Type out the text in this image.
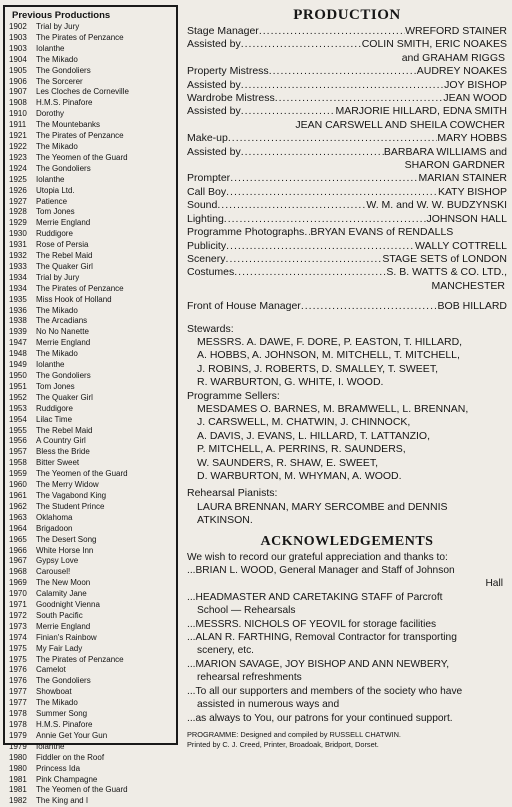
Previous Productions
1902 Trial by Jury
1903 The Pirates of Penzance
1903 Iolanthe
1904 The Mikado
1905 The Gondoliers
1906 The Sorcerer
1907 Les Cloches de Corneville
1908 H.M.S. Pinafore
1910 Dorothy
1911 The Mountebanks
1921 The Pirates of Penzance
1922 The Mikado
1923 The Yeomen of the Guard
1924 The Gondoliers
1925 Iolanthe
1926 Utopia Ltd.
1927 Patience
1928 Tom Jones
1929 Merrie England
1930 Ruddigore
1931 Rose of Persia
1932 The Rebel Maid
1933 The Quaker Girl
1934 Trial by Jury
1934 The Pirates of Penzance
1935 Miss Hook of Holland
1936 The Mikado
1938 The Arcadians
1939 No No Nanette
1947 Merrie England
1948 The Mikado
1949 Iolanthe
1950 The Gondoliers
1951 Tom Jones
1952 The Quaker Girl
1953 Ruddigore
1954 Lilac Time
1955 The Rebel Maid
1956 A Country Girl
1957 Bless the Bride
1958 Bitter Sweet
1959 The Yeomen of the Guard
1960 The Merry Widow
1961 The Vagabond King
1962 The Student Prince
1963 Oklahoma
1964 Brigadoon
1965 The Desert Song
1966 White Horse Inn
1967 Gypsy Love
1968 Carousel!
1969 The New Moon
1970 Calamity Jane
1971 Goodnight Vienna
1972 South Pacific
1973 Merrie England
1974 Finian's Rainbow
1975 My Fair Lady
1975 The Pirates of Penzance
1976 Camelot
1976 The Gondoliers
1977 Showboat
1977 The Mikado
1978 Summer Song
1978 H.M.S. Pinafore
1979 Annie Get Your Gun
1979 Iolanthe
1980 Fiddler on the Roof
1980 Princess Ida
1981 Pink Champagne
1981 The Yeomen of the Guard
1982 The King and I
PRODUCTION
Stage Manager .....	WREFORD STAINER
Assisted by .....	COLIN SMITH, ERIC NOAKES
and GRAHAM RIGGS
Property Mistress .....	AUDREY NOAKES
Assisted by .....	JOY BISHOP
Wardrobe Mistress .....	JEAN WOOD
Assisted by .....	MARJORIE HILLARD, EDNA SMITH
JEAN CARSWELL AND SHEILA COWCHER
Make-up .....	MARY HOBBS
Assisted by .....	BARBARA WILLIAMS and
SHARON GARDNER
Prompter .....	MARIAN STAINER
Call Boy .....	KATY BISHOP
Sound .....	W. M. and W. W. BUDZYNSKI
Lighting .....	JOHNSON HALL
Programme Photographs ..... BRYAN EVANS of RENDALLS
Publicity .....	WALLY COTTRELL
Scenery .....	STAGE SETS of LONDON
Costumes .....	S. B. WATTS & CO. LTD.,
MANCHESTER
Front of House Manager .....	BOB HILLARD
Stewards:
MESSRS. A. DAWE, F. DORE, P. EASTON, T. HILLARD,
A. HOBBS, A. JOHNSON, M. MITCHELL, T. MITCHELL,
J. ROBINS, J. ROBERTS, D. SMALLEY, T. SWEET,
R. WARBURTON, G. WHITE, I. WOOD.
Programme Sellers:
MESDAMES O. BARNES, M. BRAMWELL, L. BRENNAN,
J. CARSWELL, M. CHATWIN, J. CHINNOCK,
A. DAVIS, J. EVANS, L. HILLARD, T. LATTANZIO,
P. MITCHELL, A. PERRINS, R. SAUNDERS,
W. SAUNDERS, R. SHAW, E. SWEET,
D. WARBURTON, M. WHYMAN, A. WOOD.
Rehearsal Pianists:
LAURA BRENNAN, MARY SERCOMBE and DENNIS
ATKINSON.
ACKNOWLEDGEMENTS
We wish to record our grateful appreciation and thanks to:
...BRIAN L. WOOD, General Manager and Staff of Johnson
Hall
...HEADMASTER AND CARETAKING STAFF of Parcroft
School — Rehearsals
...MESSRS. NICHOLS OF YEOVIL for storage facilities
...ALAN R. FARTHING, Removal Contractor for transporting
scenery, etc.
...MARION SAVAGE, JOY BISHOP AND ANN NEWBERY,
rehearsal refreshments
...To all our supporters and members of the society who have
assisted in numerous ways and
...as always to You, our patrons for your continued support.
PROGRAMME: Designed and compiled by RUSSELL CHATWIN.
Printed by C. J. Creed, Printer, Broadoak, Bridport, Dorset.
